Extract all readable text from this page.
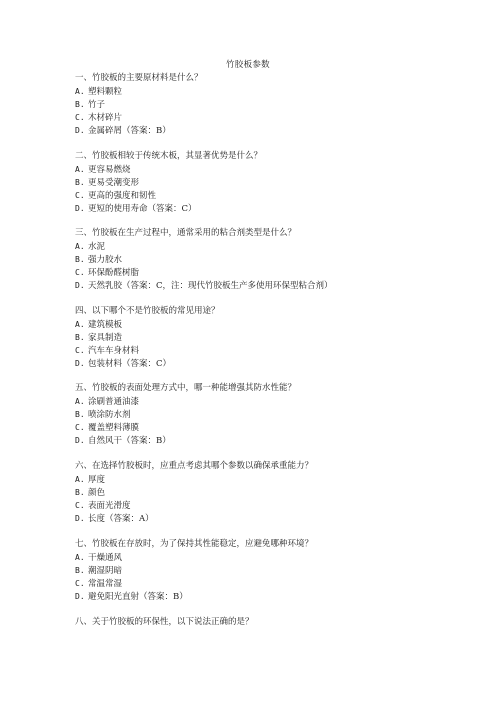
竹胶板参数
一、竹胶板的主要原材料是什么？
A. 塑料颗粒
B. 竹子
C. 木材碎片
D. 金属碎屑（答案：B）
二、竹胶板相较于传统木板，其显著优势是什么？
A. 更容易燃烧
B. 更易受潮变形
C. 更高的强度和韧性
D. 更短的使用寿命（答案：C）
三、竹胶板在生产过程中，通常采用的粘合剂类型是什么？
A. 水泥
B. 强力胶水
C. 环保酚醛树脂
D. 天然乳胶（答案：C，注：现代竹胶板生产多使用环保型粘合剂）
四、以下哪个不是竹胶板的常见用途？
A. 建筑模板
B. 家具制造
C. 汽车车身材料
D. 包装材料（答案：C）
五、竹胶板的表面处理方式中，哪一种能增强其防水性能？
A. 涂刷普通油漆
B. 喷涂防水剂
C. 覆盖塑料薄膜
D. 自然风干（答案：B）
六、在选择竹胶板时，应重点考虑其哪个参数以确保承重能力？
A. 厚度
B. 颜色
C. 表面光滑度
D. 长度（答案：A）
七、竹胶板在存放时，为了保持其性能稳定，应避免哪种环境？
A. 干燥通风
B. 潮湿阴暗
C. 常温常湿
D. 避免阳光直射（答案：B）
八、关于竹胶板的环保性，以下说法正确的是？
